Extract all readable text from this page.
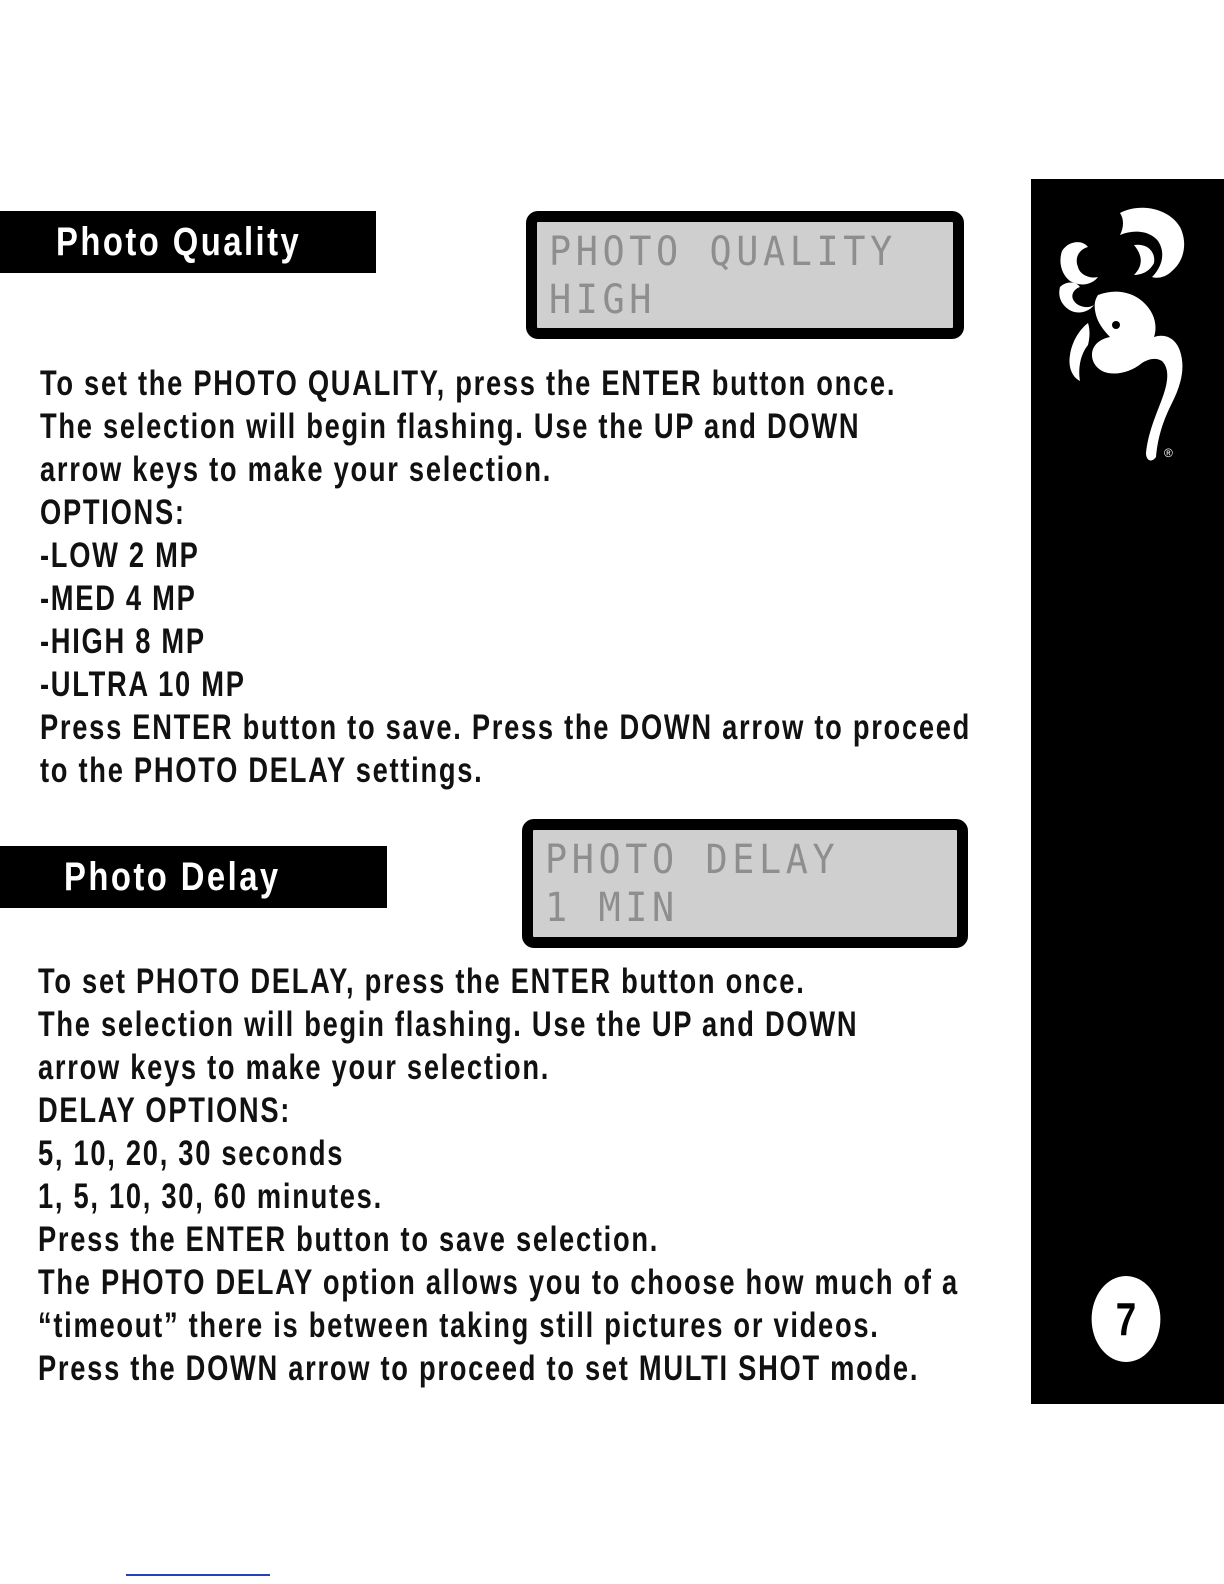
®
7
Photo Quality	PHOTO QUALITY
HIGH
To set the PHOTO QUALITY, press the ENTER button once.
The selection will begin flashing. Use the UP and DOWN
arrow keys to make your selection.
OPTIONS:
-LOW 2 MP
-MED 4 MP
-HIGH 8 MP
-ULTRA 10 MP
Press ENTER button to save. Press the DOWN arrow to proceed
to the PHOTO DELAY settings.
Photo Delay	PHOTO DELAY
1 MIN
To set PHOTO DELAY, press the ENTER button once.
The selection will begin flashing. Use the UP and DOWN
arrow keys to make your selection.
DELAY OPTIONS:
5, 10, 20, 30 seconds
1, 5, 10, 30, 60 minutes.
Press the ENTER button to save selection.
The PHOTO DELAY option allows you to choose how much of a
“timeout” there is between taking still pictures or videos.
Press the DOWN arrow to proceed to set MULTI SHOT mode.
